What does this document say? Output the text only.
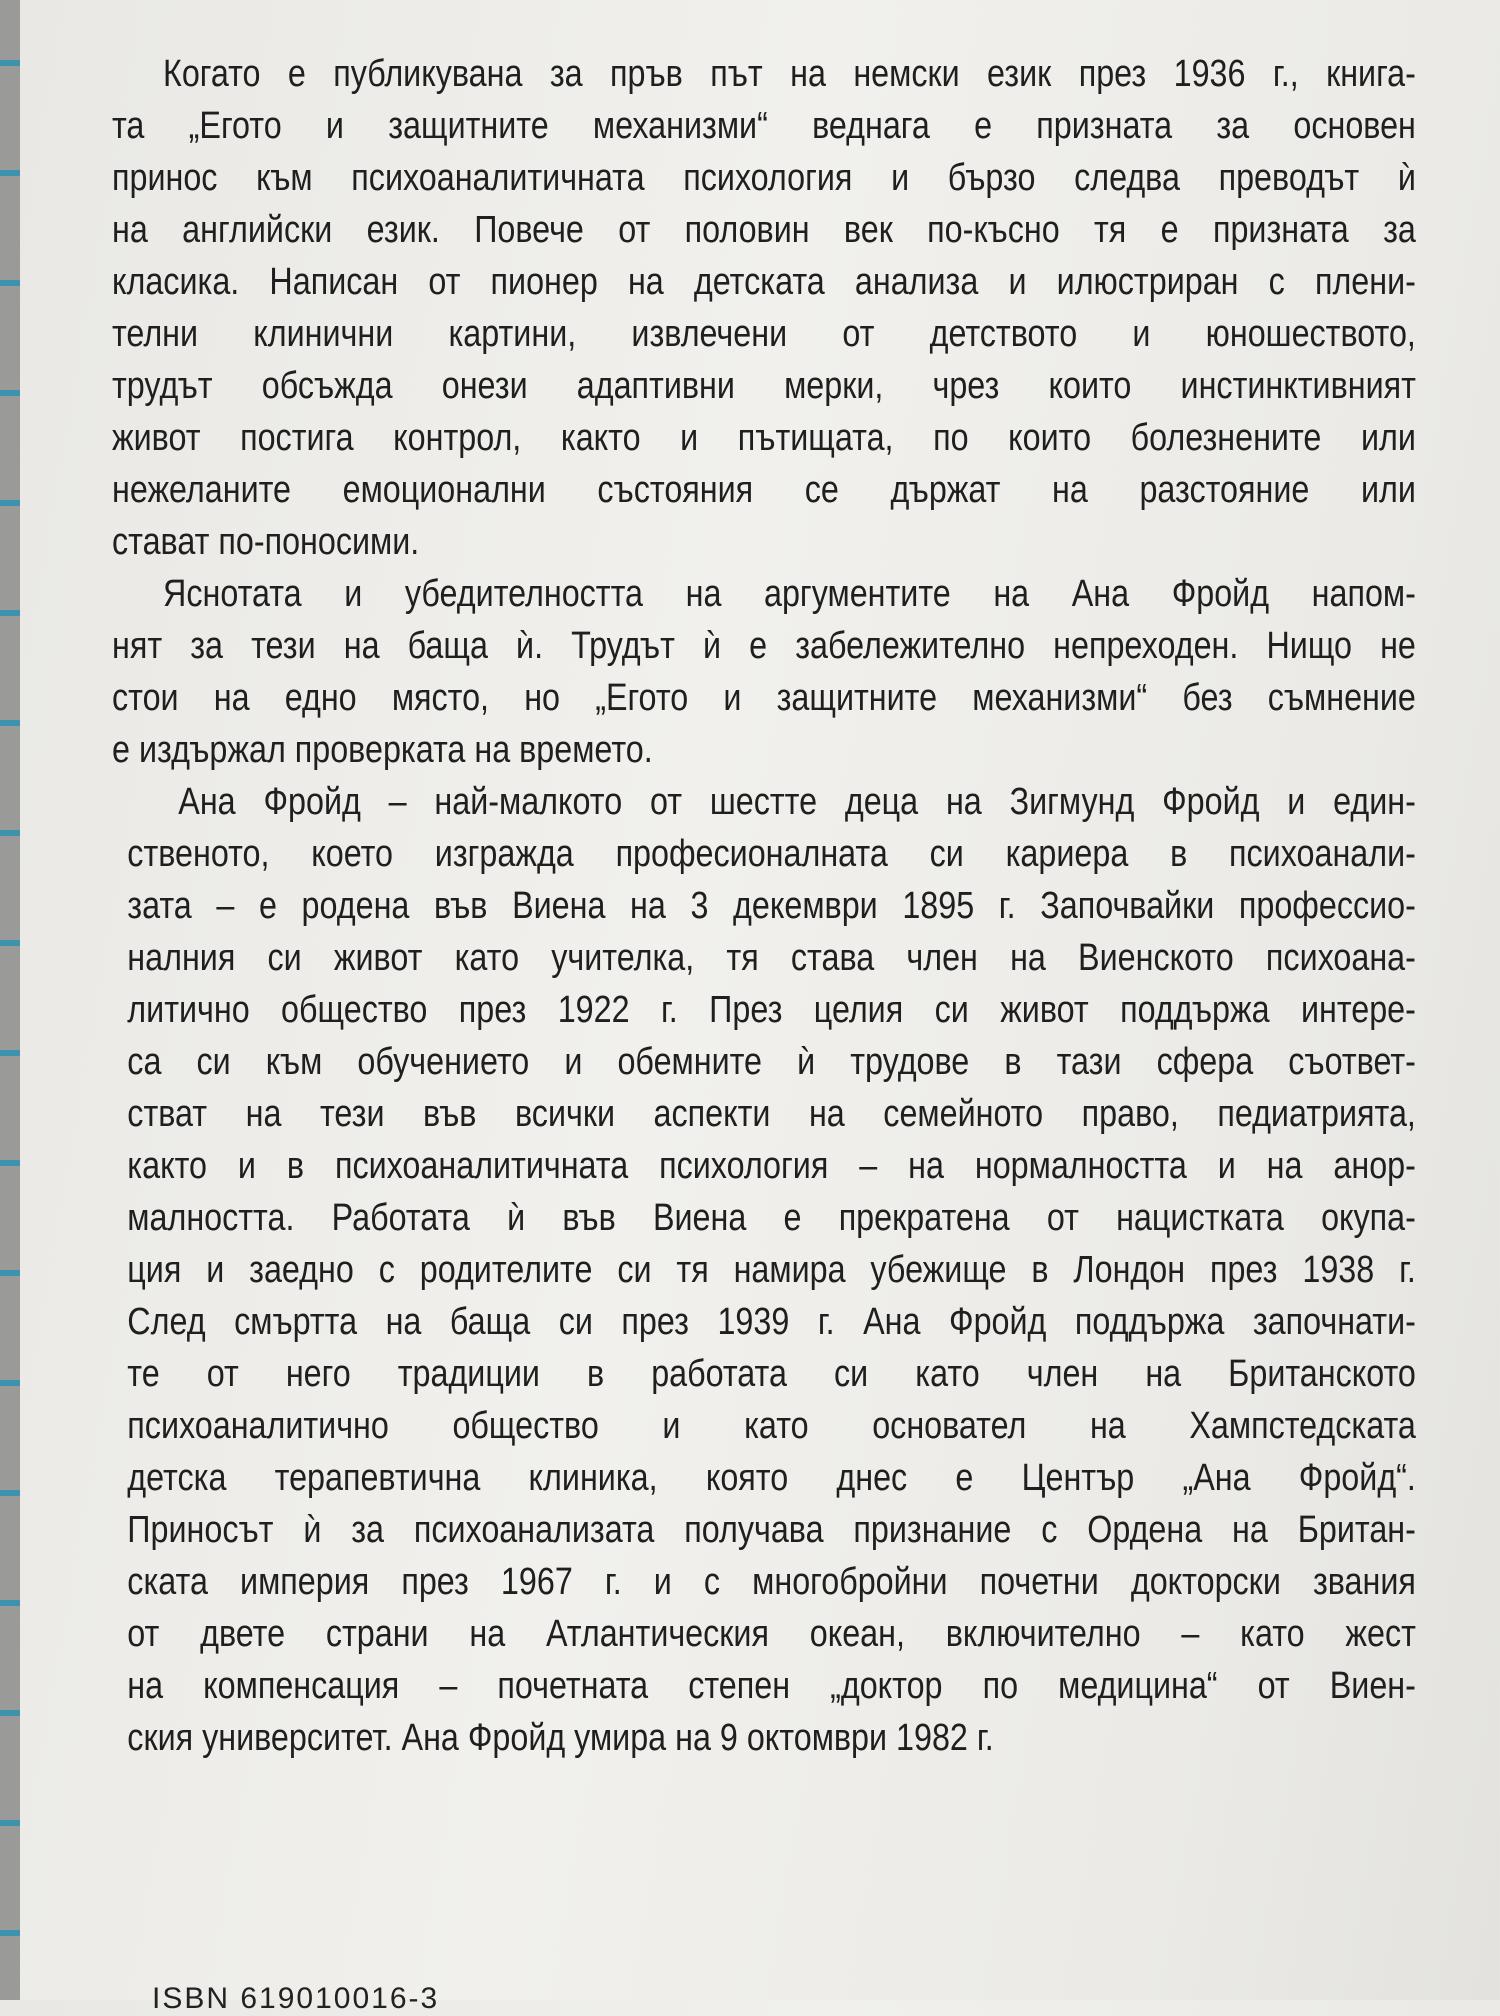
Когато е публикувана за пръв път на немски език през 1936 г., книга-
та „Егото и защитните механизми“ веднага е призната за основен
принос към психоаналитичната психология и бързо следва преводът ѝ
на английски език. Повече от половин век по-късно тя е призната за
класика. Написан от пионер на детската анализа и илюстриран с плени-
телни клинични картини, извлечени от детството и юношеството,
трудът обсъжда онези адаптивни мерки, чрез които инстинктивният
живот постига контрол, както и пътищата, по които болезнените или
нежеланите емоционални състояния се държат на разстояние или
стават по-поносими.
Яснотата и убедителността на аргументите на Ана Фройд напом-
нят за тези на баща ѝ. Трудът ѝ е забележително непреходен. Нищо не
стои на едно място, но „Егото и защитните механизми“ без съмнение
е издържал проверката на времето.
Ана Фройд – най-малкото от шестте деца на Зигмунд Фройд и един-
ственото, което изгражда професионалната си кариера в психоанали-
зата – е родена във Виена на 3 декември 1895 г. Започвайки профессио-
налния си живот като учителка, тя става член на Виенското психоана-
литично общество през 1922 г. През целия си живот поддържа интере-
са си към обучението и обемните ѝ трудове в тази сфера съответ-
стват на тези във всички аспекти на семейното право, педиатрията,
както и в психоаналитичната психология – на нормалността и на анор-
малността. Работата ѝ във Виена е прекратена от нацистката окупа-
ция и заедно с родителите си тя намира убежище в Лондон през 1938 г.
След смъртта на баща си през 1939 г. Ана Фройд поддържа започнати-
те от него традиции в работата си като член на Британското
психоаналитично общество и като основател на Хампстедската
детска терапевтична клиника, която днес е Център „Ана Фройд“.
Приносът ѝ за психоанализата получава признание с Ордена на Британ-
ската империя през 1967 г. и с многобройни почетни докторски звания
от двете страни на Атлантическия океан, включително – като жест
на компенсация – почетната степен „доктор по медицина“ от Виен-
ския университет. Ана Фройд умира на 9 октомври 1982 г.
ISBN 619010016-3
